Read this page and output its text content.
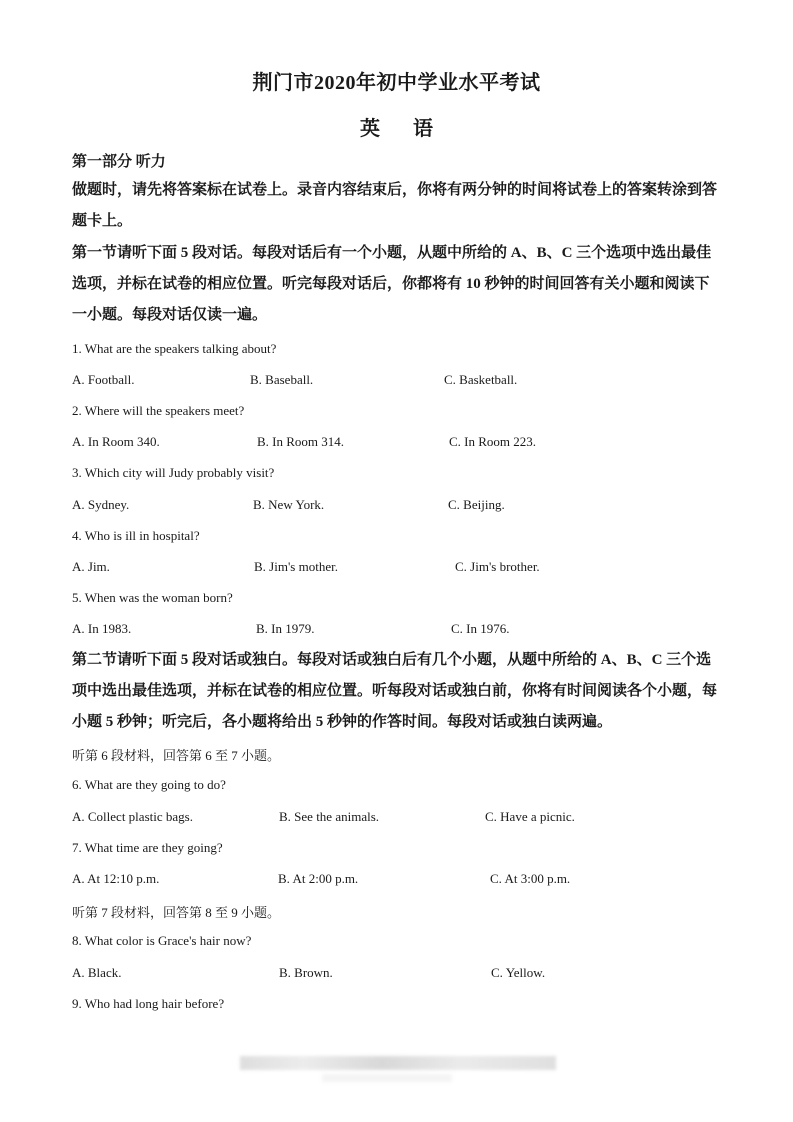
荆门市2020年初中学业水平考试
英 语
第一部分 听力
做题时，请先将答案标在试卷上。录音内容结束后，你将有两分钟的时间将试卷上的答案转涂到答题卡上。
第一节请听下面 5 段对话。每段对话后有一个小题，从题中所给的 A、B、C 三个选项中选出最佳选项，并标在试卷的相应位置。听完每段对话后，你都将有 10 秒钟的时间回答有关小题和阅读下一小题。每段对话仅读一遍。
1. What are the speakers talking about?
A. Football.	B. Baseball.	C. Basketball.
2. Where will the speakers meet?
A. In Room 340.	B. In Room 314.	C. In Room 223.
3. Which city will Judy probably visit?
A. Sydney.	B. New York.	C. Beijing.
4. Who is ill in hospital?
A. Jim.	B. Jim's mother.	C. Jim's brother.
5. When was the woman born?
A. In 1983.	B. In 1979.	C. In 1976.
第二节请听下面 5 段对话或独白。每段对话或独白后有几个小题，从题中所给的 A、B、C 三个选项中选出最佳选项，并标在试卷的相应位置。听每段对话或独白前，你将有时间阅读各个小题，每小题 5 秒钟；听完后，各小题将给出 5 秒钟的作答时间。每段对话或独白读两遍。
听第 6 段材料，回答第 6 至 7 小题。
6. What are they going to do?
A. Collect plastic bags.	B. See the animals.	C. Have a picnic.
7. What time are they going?
A. At 12:10 p.m.	B. At 2:00 p.m.	C. At 3:00 p.m.
听第 7 段材料，回答第 8 至 9 小题。
8. What color is Grace's hair now?
A. Black.	B. Brown.	C. Yellow.
9. Who had long hair before?
